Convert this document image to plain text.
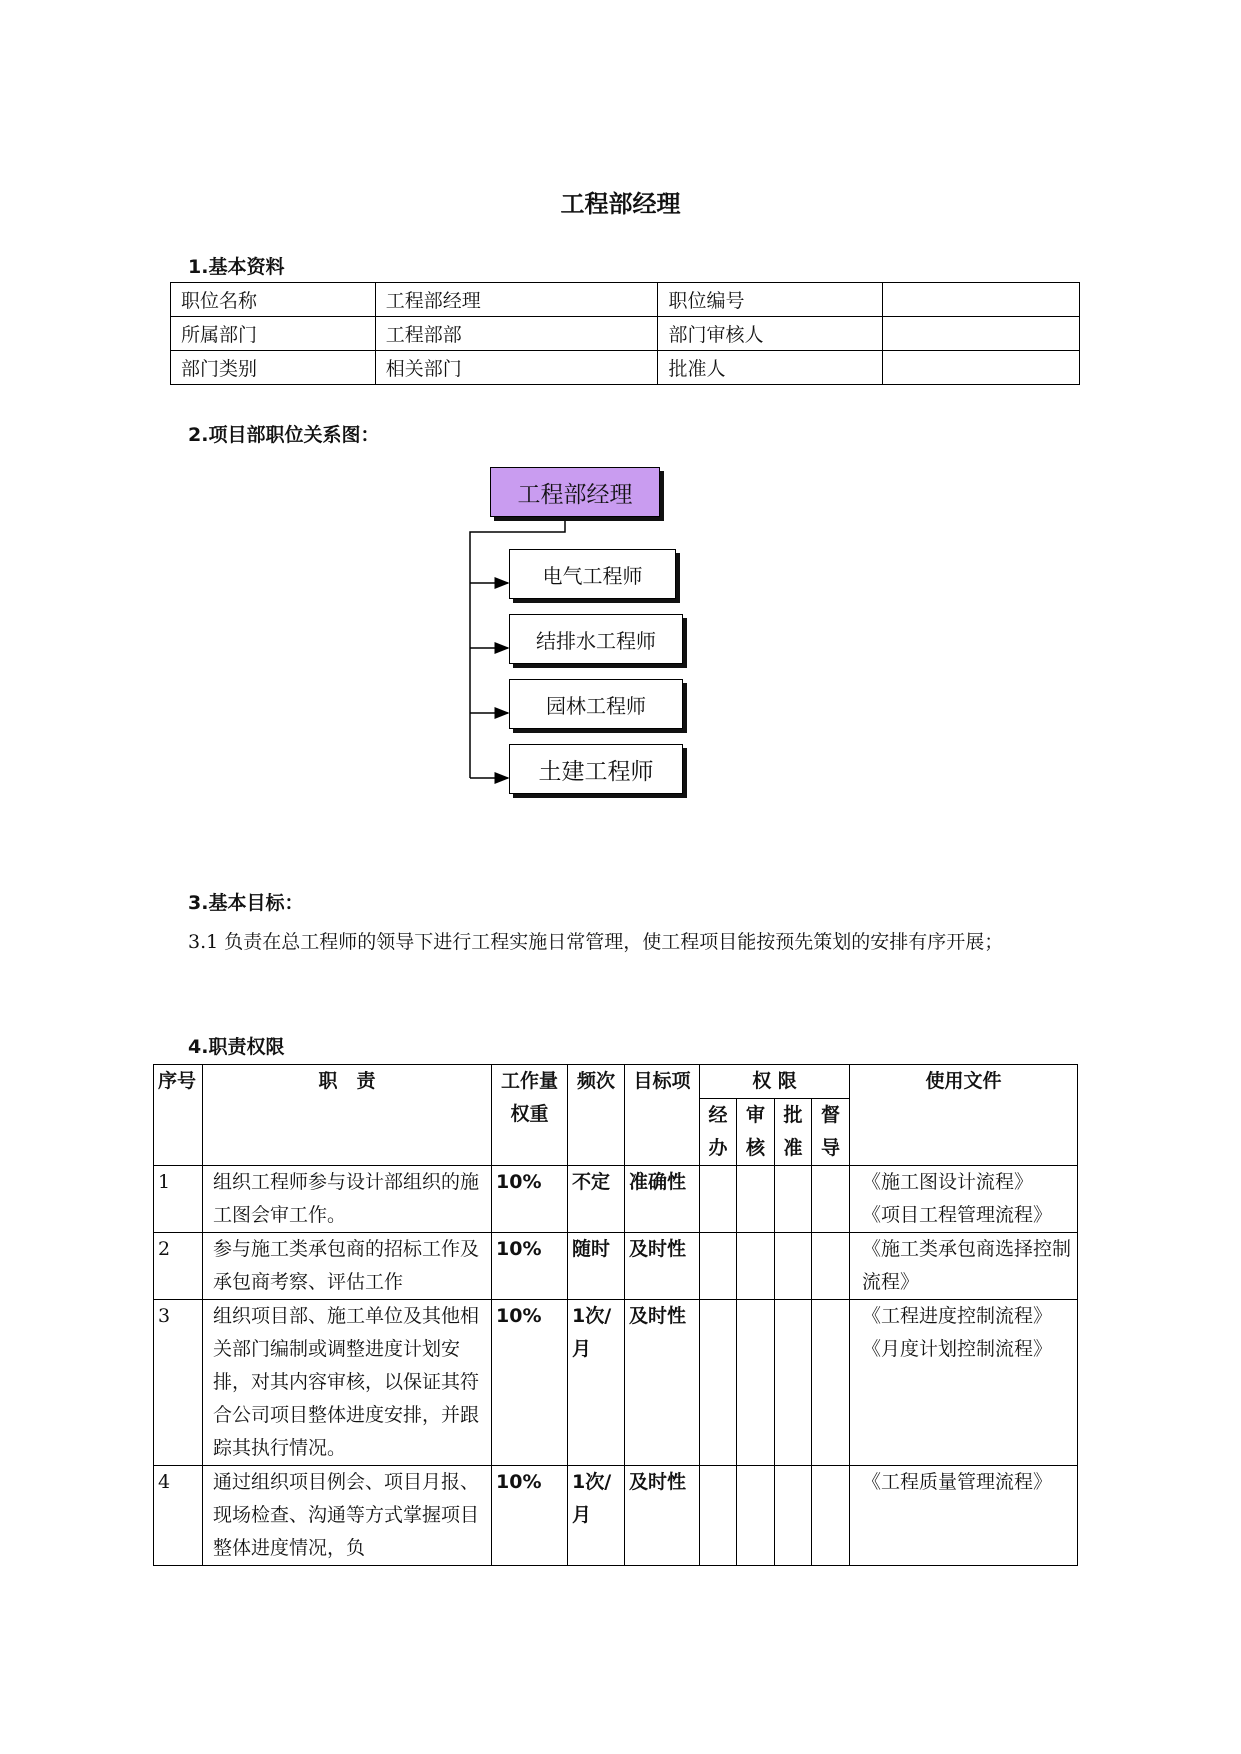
工程部经理
1.基本资料
职位名称	工程部经理	职位编号	
所属部门	工程部部	部门审核人	
部门类别	相关部门	批准人	
2.项目部职位关系图：
工程部经理
电气工程师
结排水工程师
园林工程师
土建工程师
3.基本目标：
3.1 负责在总工程师的领导下进行工程实施日常管理，使工程项目能按预先策划的安排有序开展；
4.职责权限
序号	职　责	工作量权重	频次	目标项	权 限				使用文件
					经办	审核	批准	督导	
1	组织工程师参与设计部组织的施工图会审工作。	10%	不定	准确性					《施工图设计流程》
《项目工程管理流程》

2	参与施工类承包商的招标工作及承包商考察、评估工作	10%	随时	及时性					《施工类承包商选择控制流程》

3	组织项目部、施工单位及其他相关部门编制或调整进度计划安排，对其内容审核，以保证其符合公司项目整体进度安排，并跟踪其执行情况。	10%	1次/月	及时性					《工程进度控制流程》
《月度计划控制流程》

4	通过组织项目例会、项目月报、现场检查、沟通等方式掌握项目整体进度情况，负	10%	1次/月	及时性					《工程质量管理流程》
